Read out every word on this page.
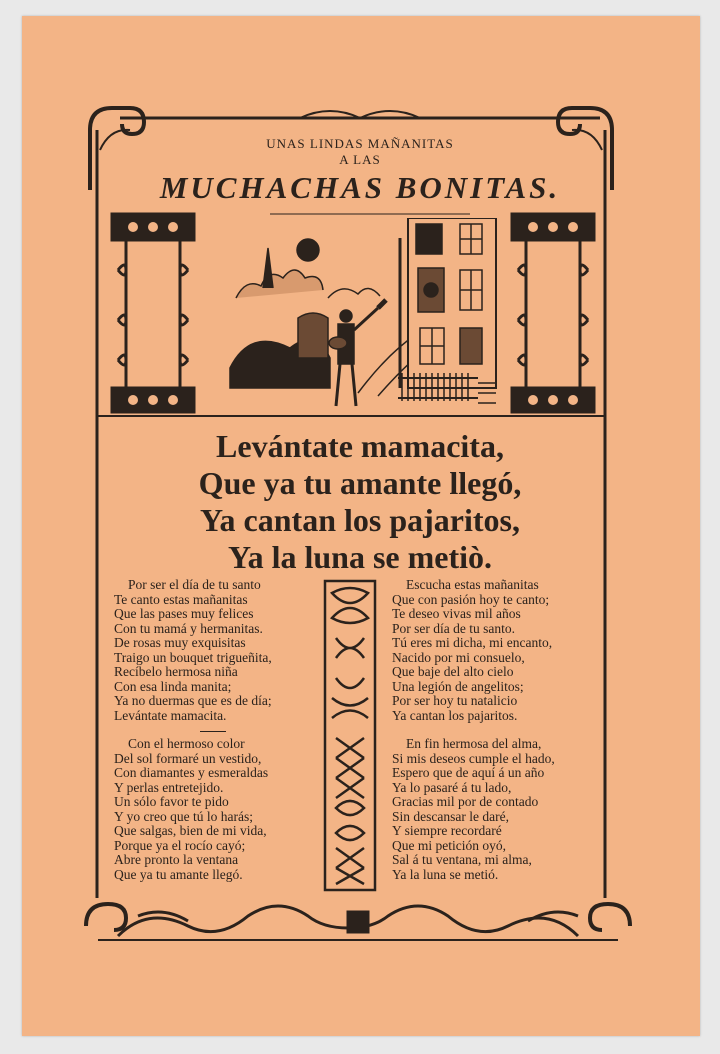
UNAS LINDAS MAÑANITAS
A LAS
MUCHACHAS BONITAS.
Levántate mamacita,
Que ya tu amante llegó,
Ya cantan los pajaritos,
Ya la luna se metiò.
Por ser el día de tu santo
Te canto estas mañanitas
Que las pases muy felices
Con tu mamá y hermanitas.
De rosas muy exquisitas
Traigo un bouquet trigueñita,
Recíbelo hermosa niña
Con esa linda manita;
Ya no duermas que es de día;
Levántate mamacita.
Con el hermoso color
Del sol formaré un vestido,
Con diamantes y esmeraldas
Y perlas entretejido.
Un sólo favor te pido
Y yo creo que tú lo harás;
Que salgas, bien de mi vida,
Porque ya el rocío cayó;
Abre pronto la ventana
Que ya tu amante llegó.
Escucha estas mañanitas
Que con pasión hoy te canto;
Te deseo vivas mil años
Por ser día de tu santo.
Tú eres mi dicha, mi encanto,
Nacido por mi consuelo,
Que baje del alto cielo
Una legión de angelitos;
Por ser hoy tu natalicio
Ya cantan los pajaritos.
En fin hermosa del alma,
Si mis deseos cumple el hado,
Espero que de aquí á un año
Ya lo pasaré á tu lado,
Gracias mil por de contado
Sin descansar le daré,
Y siempre recordaré
Que mi petición oyó,
Sal á tu ventana, mi alma,
Ya la luna se metió.
